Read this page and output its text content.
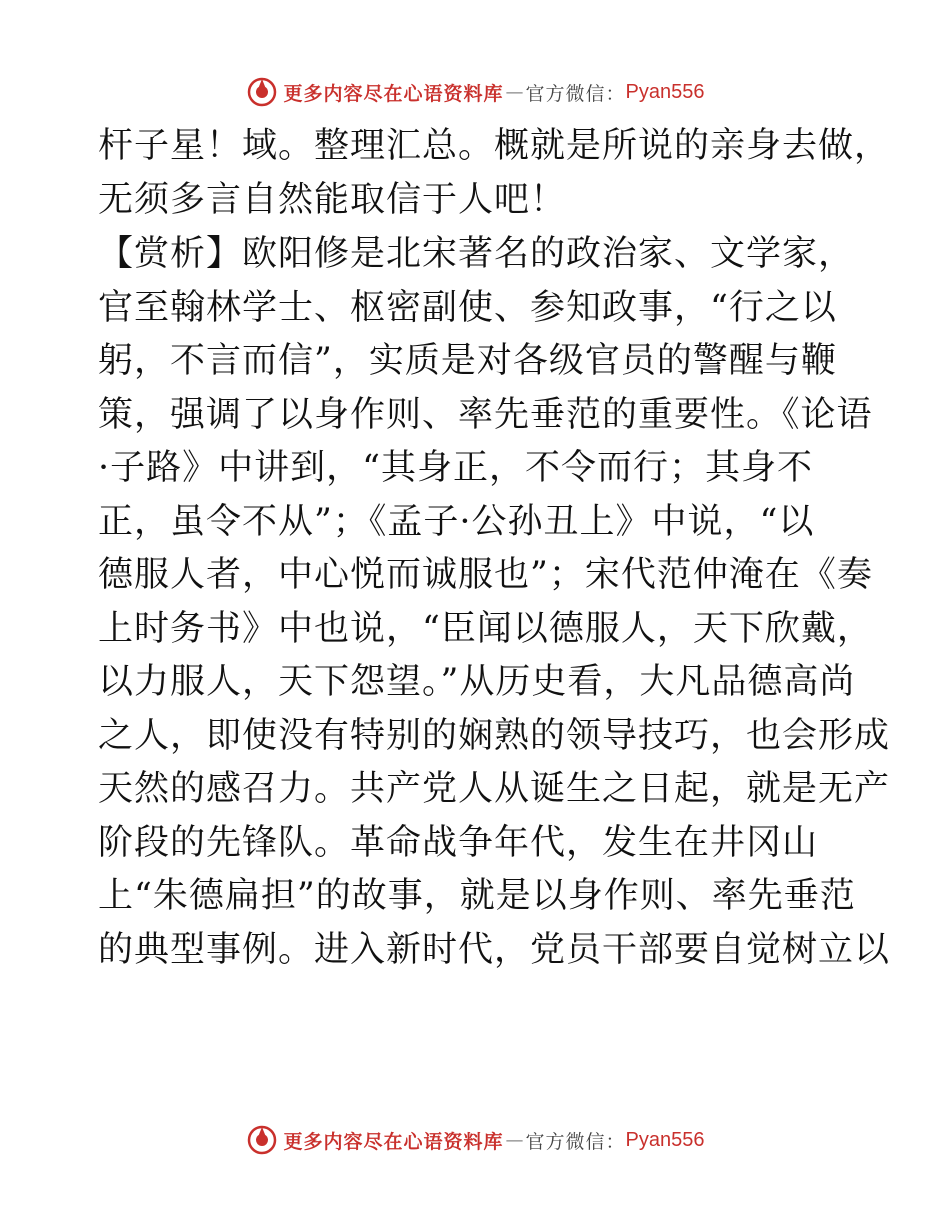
更多内容尽在心语资料库 — 官方微信： Pyan556
杆子星！域。整理汇总。概就是所说的亲身去做，
无须多言自然能取信于人吧！
【赏析】欧阳修是北宋著名的政治家、文学家，
官至翰林学士、枢密副使、参知政事，“行之以
躬，不言而信”，实质是对各级官员的警醒与鞭
策，强调了以身作则、率先垂范的重要性。《论语
·子路》中讲到，“其身正，不令而行；其身不
正，虽令不从”；《孟子·公孙丑上》中说，“以
德服人者，中心悦而诚服也”；宋代范仲淹在《奏
上时务书》中也说，“臣闻以德服人，天下欣戴，
以力服人，天下怨望。”从历史看，大凡品德高尚
之人，即使没有特别的娴熟的领导技巧，也会形成
天然的感召力。共产党人从诞生之日起，就是无产
阶段的先锋队。革命战争年代，发生在井冈山
上“朱德扁担”的故事，就是以身作则、率先垂范
的典型事例。进入新时代，党员干部要自觉树立以
更多内容尽在心语资料库 — 官方微信： Pyan556
